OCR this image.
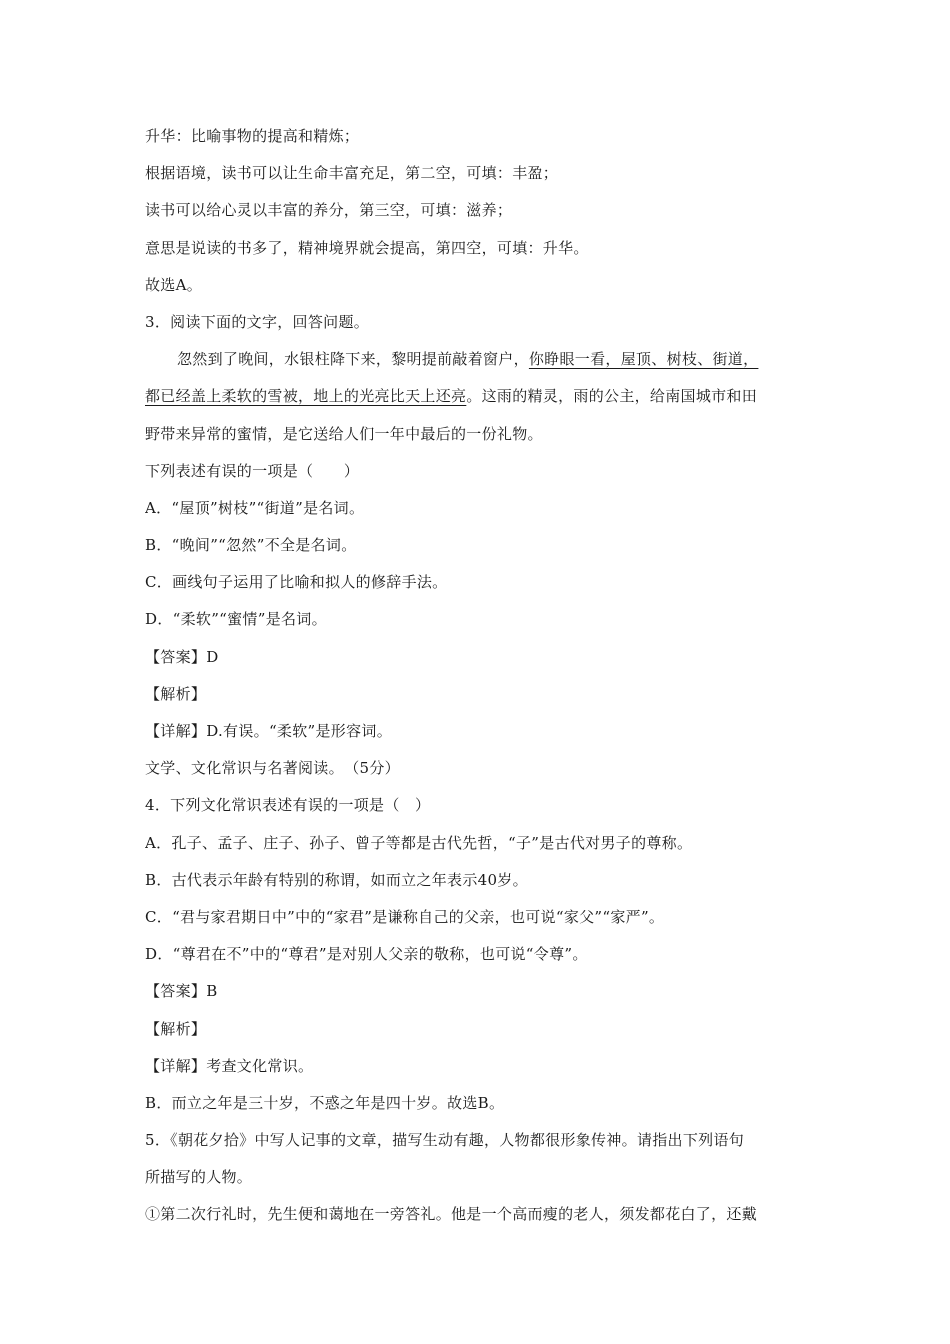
升华：比喻事物的提高和精炼；
根据语境，读书可以让生命丰富充足，第二空，可填：丰盈；
读书可以给心灵以丰富的养分，第三空，可填：滋养；
意思是说读的书多了，精神境界就会提高，第四空，可填：升华。
故选A。
3．阅读下面的文字，回答问题。
忽然到了晚间，水银柱降下来，黎明提前敲着窗户，你睁眼一看，屋顶、树枝、街道，
都已经盖上柔软的雪被，地上的光亮比天上还亮。这雨的精灵，雨的公主，给南国城市和田
野带来异常的蜜情，是它送给人们一年中最后的一份礼物。
下列表述有误的一项是（　　）
A．“屋顶”树枝”“街道”是名词。
B．“晚间”“忽然”不全是名词。
C．画线句子运用了比喻和拟人的修辞手法。
D．“柔软”“蜜情”是名词。
【答案】D
【解析】
【详解】D.有误。“柔软”是形容词。
文学、文化常识与名著阅读。　（5分）
4．下列文化常识表述有误的一项是（　）
A．孔子、孟子、庄子、孙子、曾子等都是古代先哲，“子”是古代对男子的尊称。
B．古代表示年龄有特别的称谓，如而立之年表示40岁。
C．“君与家君期日中”中的“家君”是谦称自己的父亲，也可说“家父”“家严”。
D．“尊君在不”中的“尊君”是对别人父亲的敬称，也可说“令尊”。
【答案】B
【解析】
【详解】考查文化常识。
B．而立之年是三十岁，不惑之年是四十岁。故选B。
5．《朝花夕拾》中写人记事的文章，描写生动有趣，人物都很形象传神。请指出下列语句
所描写的人物。
①第二次行礼时，先生便和蔼地在一旁答礼。他是一个高而瘦的老人，须发都花白了，还戴
